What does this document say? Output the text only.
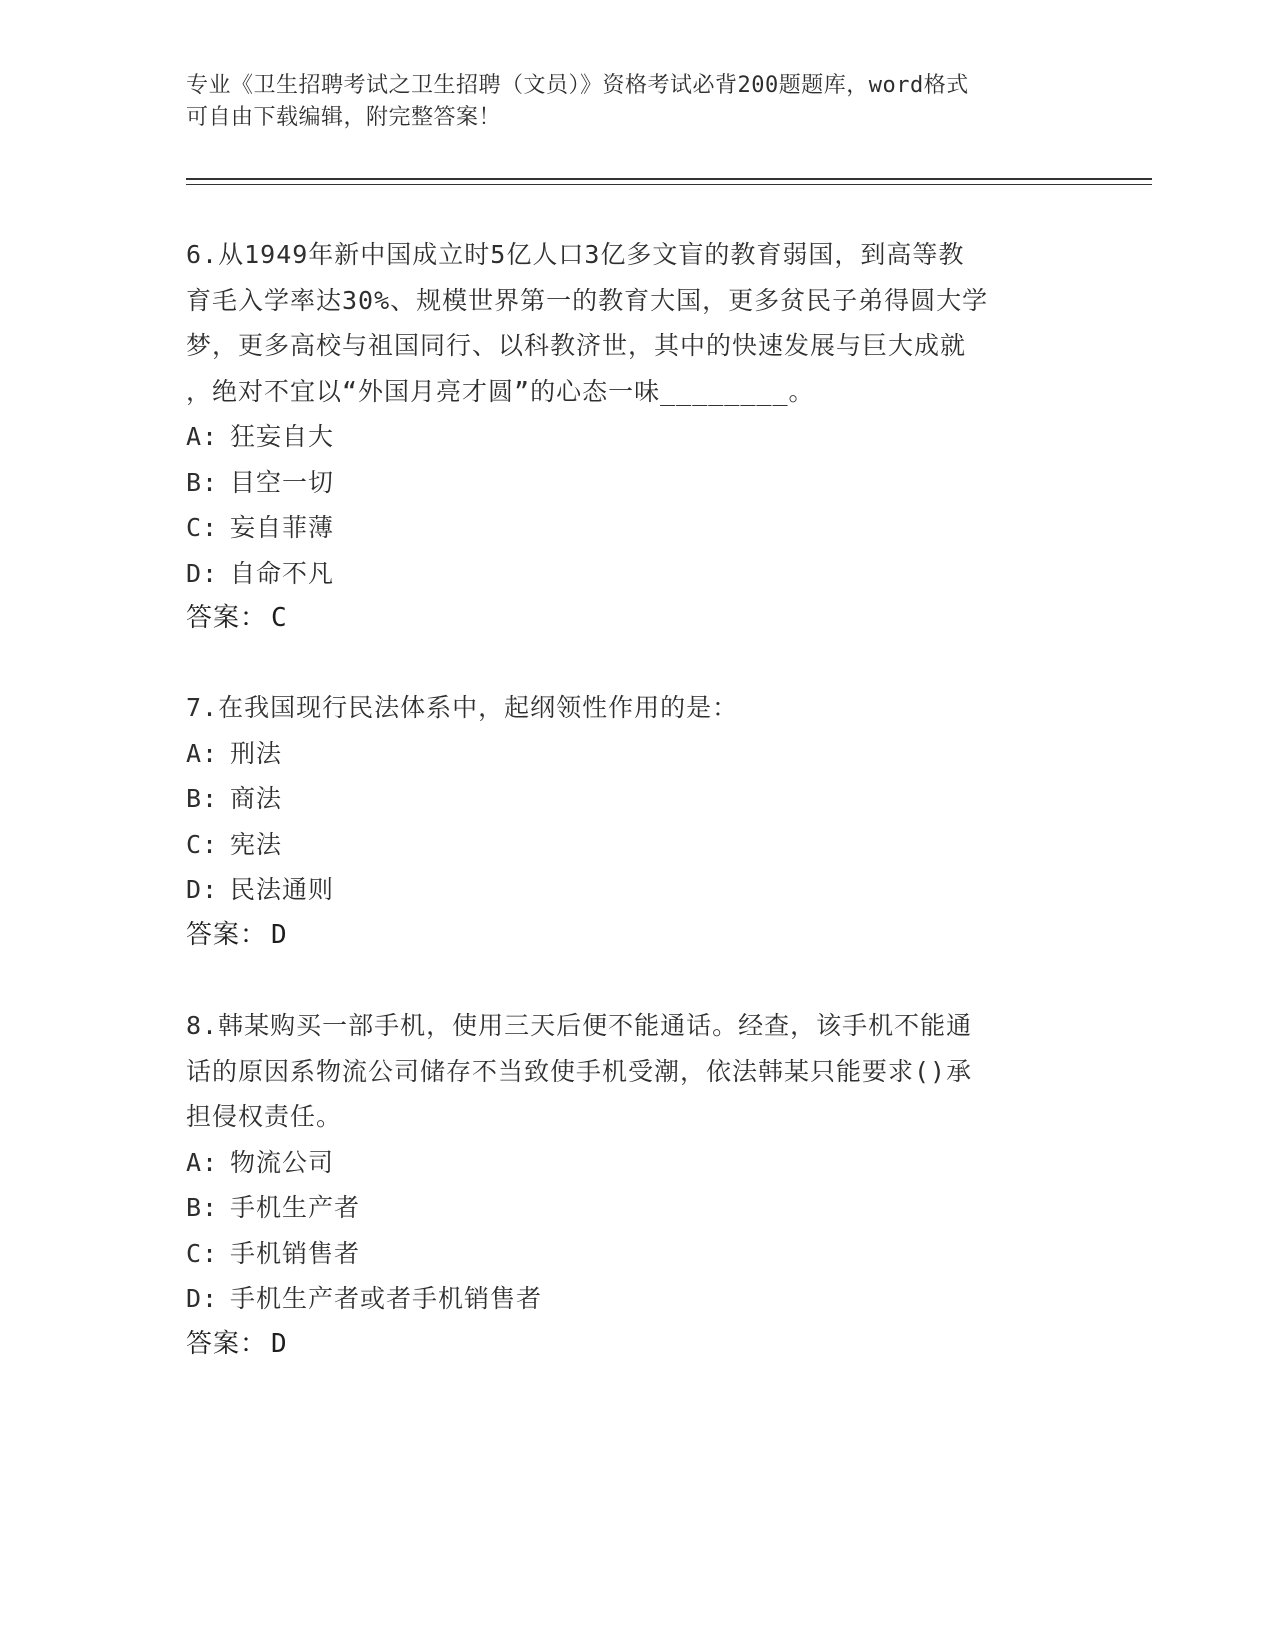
专业《卫生招聘考试之卫生招聘（文员）》资格考试必背200题题库，word格式
可自由下载编辑，附完整答案！
6.从1949年新中国成立时5亿人口3亿多文盲的教育弱国，到高等教
育毛入学率达30%、规模世界第一的教育大国，更多贫民子弟得圆大学
梦，更多高校与祖国同行、以科教济世，其中的快速发展与巨大成就
，绝对不宜以“外国月亮才圆”的心态一味________。
A: 狂妄自大
B: 目空一切
C: 妄自菲薄
D: 自命不凡
答案： C
7.在我国现行民法体系中，起纲领性作用的是：
A: 刑法
B: 商法
C: 宪法
D: 民法通则
答案： D
8.韩某购买一部手机，使用三天后便不能通话。经查，该手机不能通
话的原因系物流公司储存不当致使手机受潮，依法韩某只能要求()承
担侵权责任。
A: 物流公司
B: 手机生产者
C: 手机销售者
D: 手机生产者或者手机销售者
答案： D
